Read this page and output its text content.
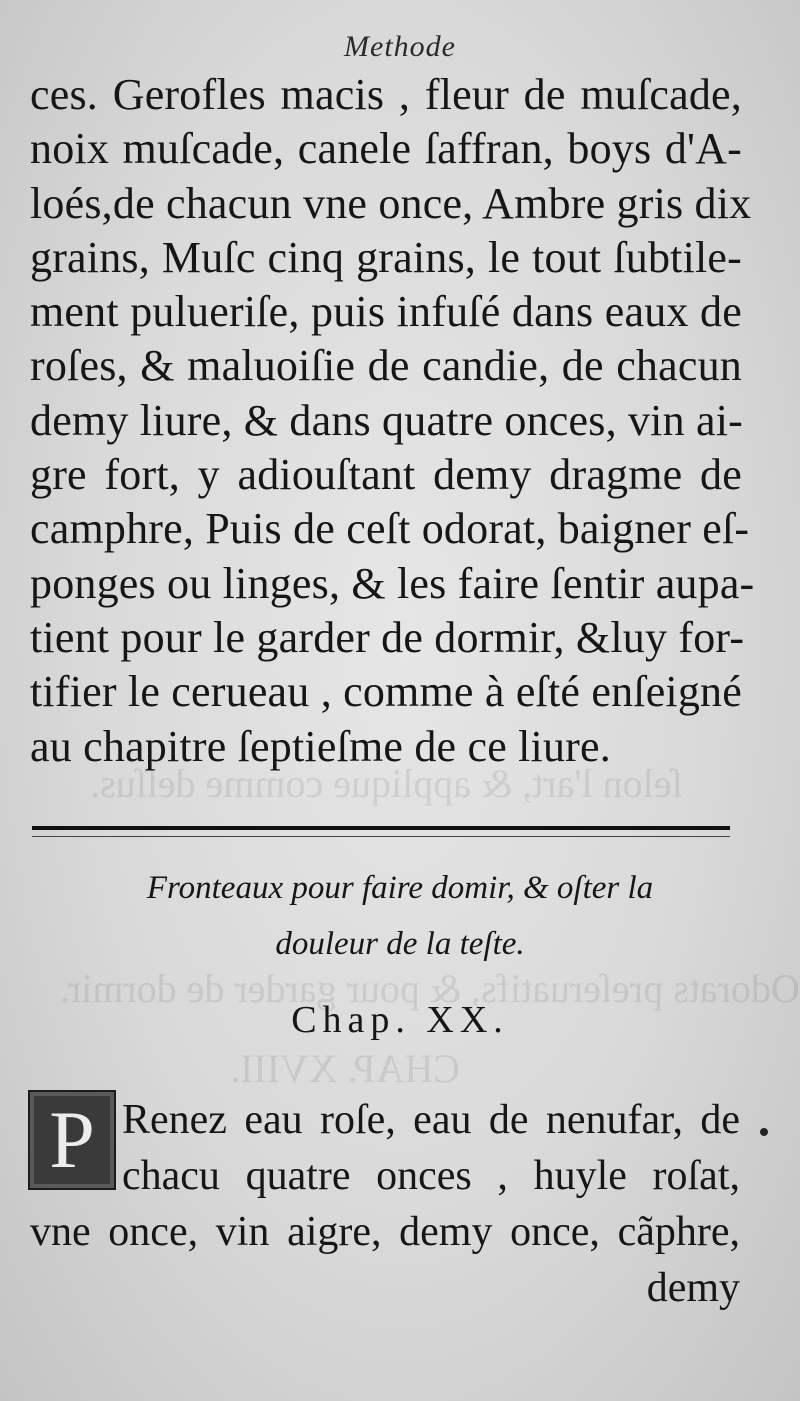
ſelon l'art, & applique comme deſſus.
Odorats preſeruatifs, & pour garder de dormir.
CHAP. XVIII.
Methode
ces. Gerofles macis , fleur de muſcade,
noix muſcade, canele ſaffran, boys d'A-
loés,de chacun vne once, Ambre gris dix
grains, Muſc cinq grains, le tout ſubtile-
ment pulueriſe, puis infuſé dans eaux de
roſes, & maluoiſie de candie, de chacun
demy liure, & dans quatre onces, vin ai-
gre fort, y adiouſtant demy dragme de
camphre, Puis de ceſt odorat, baigner eſ-
ponges ou linges, & les faire ſentir aupa-
tient pour le garder de dormir, &luy for-
tifier le cerueau , comme à eſté enſeigné
au chapitre ſeptieſme de ce liure.
Fronteaux pour faire domir, & oſter la
douleur de la teſte.
Chap. XX.
P Renez eau roſe, eau de nenufar, de
chacu quatre onces , huyle roſat,
vne once, vin aigre, demy once, cãphre,
demy
